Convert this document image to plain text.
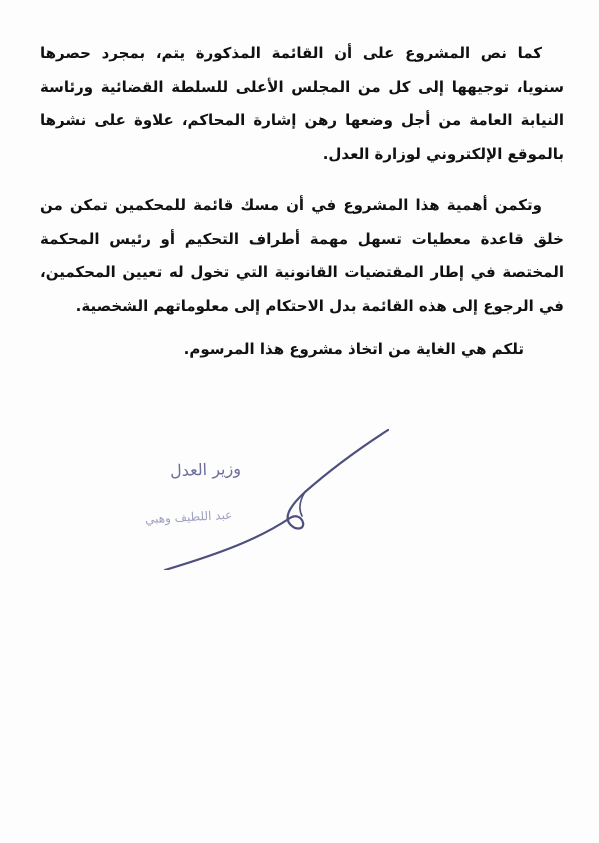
كما نص المشروع على أن القائمة المذكورة يتم، بمجرد حصرها سنويا، توجيهها إلى كل من المجلس الأعلى للسلطة القضائية ورئاسة النيابة العامة من أجل وضعها رهن إشارة المحاكم، علاوة على نشرها بالموقع الإلكتروني لوزارة العدل.

وتكمن أهمية هذا المشروع في أن مسك قائمة للمحكمين تمكن من خلق قاعدة معطيات تسهل مهمة أطراف التحكيم أو رئيس المحكمة المختصة في إطار المقتضيات القانونية التي تخول له تعيين المحكمين، في الرجوع إلى هذه القائمة بدل الاحتكام إلى معلوماتهم الشخصية.

تلكم هي الغاية من اتخاذ مشروع هذا المرسوم.

وزير العدل
عبد اللطيف وهبي
